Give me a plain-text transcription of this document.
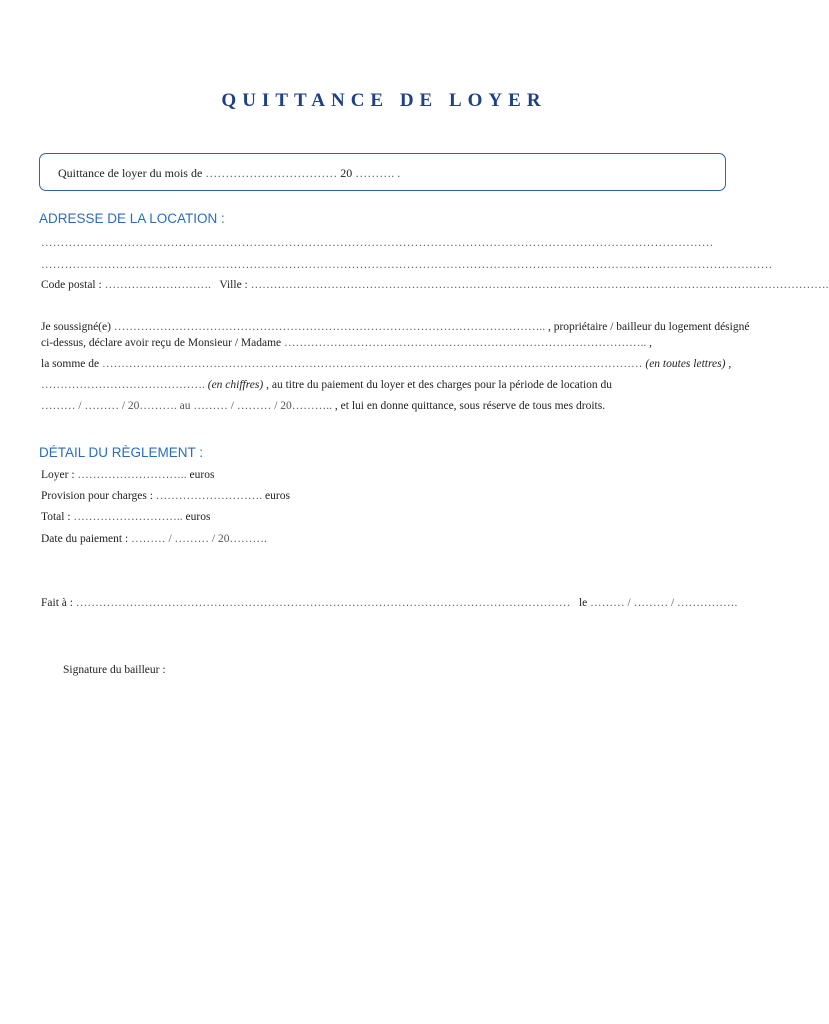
QUITTANCE DE LOYER
Quittance de loyer du mois de …………………………… 20 ………. .
ADRESSE DE LA LOCATION :
………………………………………………………………………………………………………………………………………………………
……………………………………………………………………………………………………………………………………………………………………
Code postal : ………………………. Ville : …………………………………………………………………………………………………………………………………….
Je soussigné(e) ………………………………………………………………………………………………….. , propriétaire / bailleur du logement désigné
ci-dessus, déclare avoir reçu de Monsieur / Madame ………………………………………………………………………………….. ,
la somme de …………………………………………………………………………………………………………………………… (en toutes lettres) ,
……………………………………. (en chiffres) , au titre du paiement du loyer et des charges pour la période de location du
……… / ……… / 20………. au ……… / ……… / 20……….. , et lui en donne quittance, sous réserve de tous mes droits.
DÉTAIL DU RÈGLEMENT :
Loyer : ……………………….. euros
Provision pour charges : ………………………. euros
Total : ……………………….. euros
Date du paiement : ……… / ……… / 20……….
Fait à : ………………………………………………………………………………………………………………… le ……… / ……… / …………….
Signature du bailleur :
